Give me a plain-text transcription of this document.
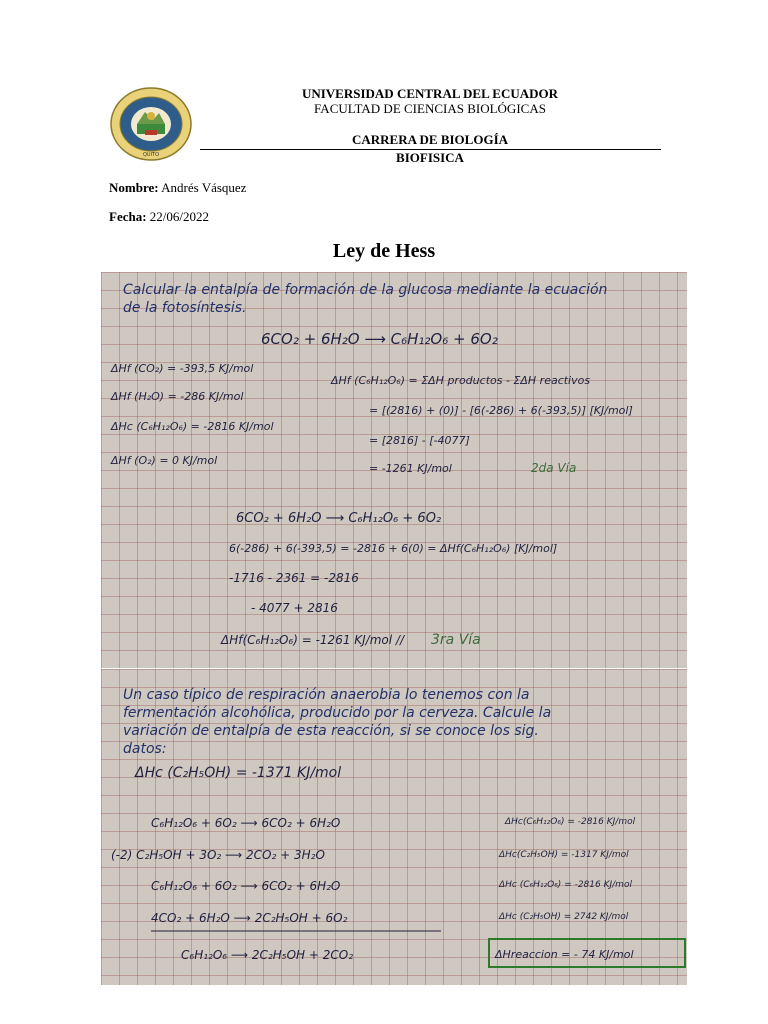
QUITO
UNIVERSIDAD CENTRAL DEL ECUADOR
FACULTAD DE CIENCIAS BIOLÓGICAS
CARRERA DE BIOLOGÍA
BIOFISICA
Nombre: Andrés Vásquez
Fecha: 22/06/2022
Ley de Hess
Calcular la entalpía de formación de la glucosa mediante la ecuación
de la fotosíntesis.
6CO₂ + 6H₂O ⟶ C₆H₁₂O₆ + 6O₂
ΔHf (CO₂) = -393,5 KJ/mol
ΔHf (C₆H₁₂O₆) = ΣΔH productos - ΣΔH reactivos
ΔHf (H₂O) = -286 KJ/mol
= [(2816) + (0)] - [6(-286) + 6(-393,5)] [KJ/mol]
ΔHc (C₆H₁₂O₆) = -2816 KJ/mol
= [2816] - [-4077]
ΔHf (O₂) = 0 KJ/mol
= -1261 KJ/mol	2da Vía
6CO₂ + 6H₂O ⟶ C₆H₁₂O₆ + 6O₂
6(-286) + 6(-393,5) = -2816 + 6(0) = ΔHf(C₆H₁₂O₆) [KJ/mol]
-1716 - 2361 = -2816
- 4077 + 2816
ΔHf(C₆H₁₂O₆) = -1261 KJ/mol // 3ra Vía
Un caso típico de respiración anaerobia lo tenemos con la
fermentación alcohólica, producido por la cerveza. Calcule la
variación de entalpía de esta reacción, si se conoce los sig.
datos:
ΔHc (C₂H₅OH) = -1371 KJ/mol
C₆H₁₂O₆ + 6O₂ ⟶ 6CO₂ + 6H₂O	ΔHc(C₆H₁₂O₆) = -2816 KJ/mol
(-2) C₂H₅OH + 3O₂ ⟶ 2CO₂ + 3H₂O	ΔHc(C₂H₅OH) = -1317 KJ/mol
C₆H₁₂O₆ + 6O₂ ⟶ 6CO₂ + 6H₂O	ΔHc (C₆H₁₂O₆) = -2816 KJ/mol
4CO₂ + 6H₂O ⟶ 2C₂H₅OH + 6O₂	ΔHc (C₂H₅OH) = 2742 KJ/mol
C₆H₁₂O₆ ⟶ 2C₂H₅OH + 2CO₂	ΔHreaccion = - 74 KJ/mol
